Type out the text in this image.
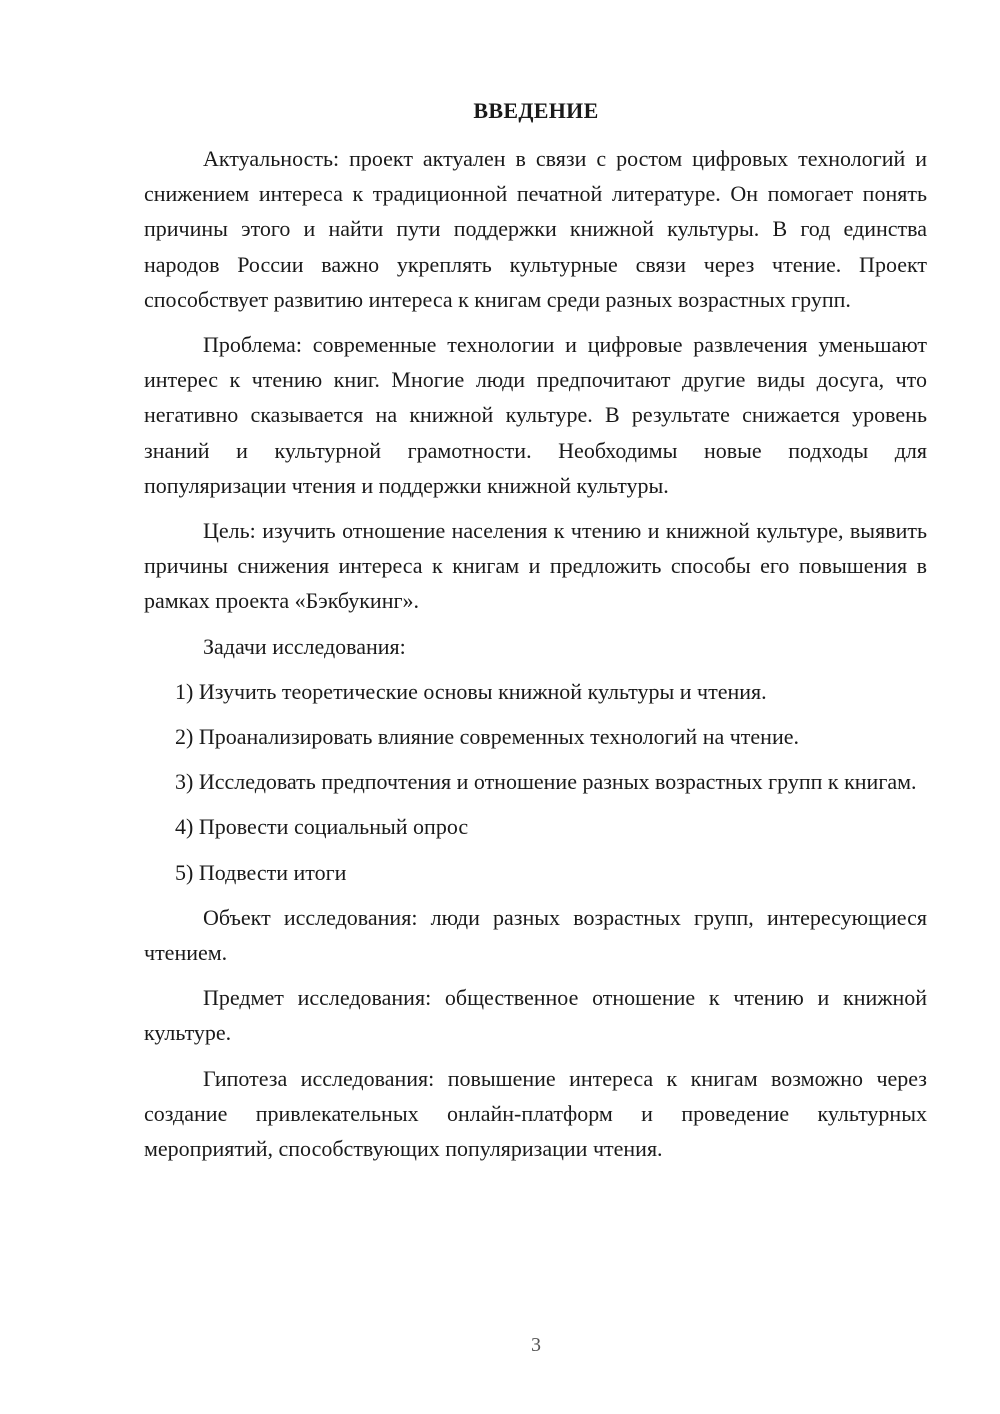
ВВЕДЕНИЕ

Актуальность: проект актуален в связи с ростом цифровых технологий и снижением интереса к традиционной печатной литературе. Он помогает понять причины этого и найти пути поддержки книжной культуры. В год единства народов России важно укреплять культурные связи через чтение. Проект способствует развитию интереса к книгам среди разных возрастных групп.

Проблема: современные технологии и цифровые развлечения уменьшают интерес к чтению книг. Многие люди предпочитают другие виды досуга, что негативно сказывается на книжной культуре. В результате снижается уровень знаний и культурной грамотности. Необходимы новые подходы для популяризации чтения и поддержки книжной культуры.

Цель: изучить отношение населения к чтению и книжной культуре, выявить причины снижения интереса к книгам и предложить способы его повышения в рамках проекта «Бэкбукинг».

Задачи исследования:

1) Изучить теоретические основы книжной культуры и чтения.

2) Проанализировать влияние современных технологий на чтение.

3) Исследовать предпочтения и отношение разных возрастных групп к книгам.

4) Провести социальный опрос

5) Подвести итоги

Объект исследования: люди разных возрастных групп, интересующиеся чтением.

Предмет исследования: общественное отношение к чтению и книжной культуре.

Гипотеза исследования: повышение интереса к книгам возможно через создание привлекательных онлайн-платформ и проведение культурных мероприятий, способствующих популяризации чтения.

3
